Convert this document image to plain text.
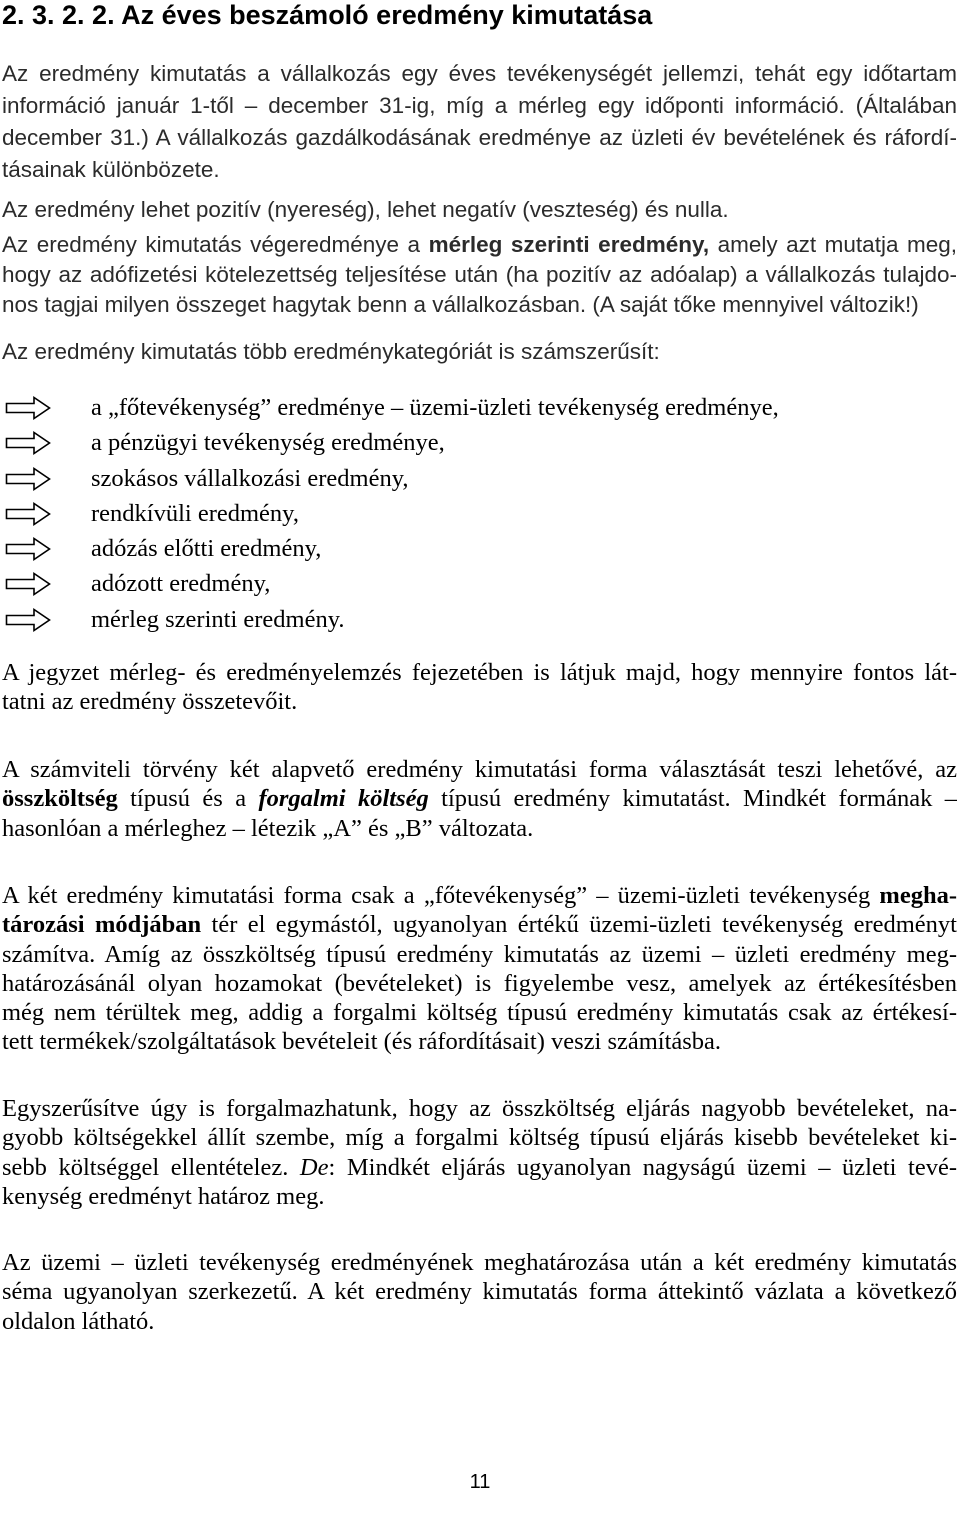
2. 3. 2. 2. Az éves beszámoló eredmény kimutatása
Az eredmény kimutatás a vállalkozás egy éves tevékenységét jellemzi, tehát egy időtartam
információ január 1-től – december 31-ig, míg a mérleg egy időponti információ. (Általában
december 31.) A vállalkozás gazdálkodásának eredménye az üzleti év bevételének és ráfordí-
tásainak különbözete.
Az eredmény lehet pozitív (nyereség), lehet negatív (veszteség) és nulla.
Az eredmény kimutatás végeredménye a mérleg szerinti eredmény, amely azt mutatja meg,
hogy az adófizetési kötelezettség teljesítése után (ha pozitív az adóalap) a vállalkozás tulajdo-
nos tagjai milyen összeget hagytak benn a vállalkozásban. (A saját tőke mennyivel változik!)
Az eredmény kimutatás több eredménykategóriát is számszerűsít:
a „főtevékenység” eredménye – üzemi-üzleti tevékenység eredménye,
a pénzügyi tevékenység eredménye,
szokásos vállalkozási eredmény,
rendkívüli eredmény,
adózás előtti eredmény,
adózott eredmény,
mérleg szerinti eredmény.
A jegyzet mérleg- és eredményelemzés fejezetében is látjuk majd, hogy mennyire fontos lát-
tatni az eredmény összetevőit.
A számviteli törvény két alapvető eredmény kimutatási forma választását teszi lehetővé, az
összköltség típusú és a forgalmi költség típusú eredmény kimutatást. Mindkét formának –
hasonlóan a mérleghez – létezik „A” és „B” változata.
A két eredmény kimutatási forma csak a „főtevékenység” – üzemi-üzleti tevékenység megha-
tározási módjában tér el egymástól, ugyanolyan értékű üzemi-üzleti tevékenység eredményt
számítva. Amíg az összköltség típusú eredmény kimutatás az üzemi – üzleti eredmény meg-
határozásánál olyan hozamokat (bevételeket) is figyelembe vesz, amelyek az értékesítésben
még nem térültek meg, addig a forgalmi költség típusú eredmény kimutatás csak az értékesí-
tett termékek/szolgáltatások bevételeit (és ráfordításait) veszi számításba.
Egyszerűsítve úgy is forgalmazhatunk, hogy az összköltség eljárás nagyobb bevételeket, na-
gyobb költségekkel állít szembe, míg a forgalmi költség típusú eljárás kisebb bevételeket ki-
sebb költséggel ellentételez. De: Mindkét eljárás ugyanolyan nagyságú üzemi – üzleti tevé-
kenység eredményt határoz meg.
Az üzemi – üzleti tevékenység eredményének meghatározása után a két eredmény kimutatás
séma ugyanolyan szerkezetű. A két eredmény kimutatás forma áttekintő vázlata a következő
oldalon látható.
11
